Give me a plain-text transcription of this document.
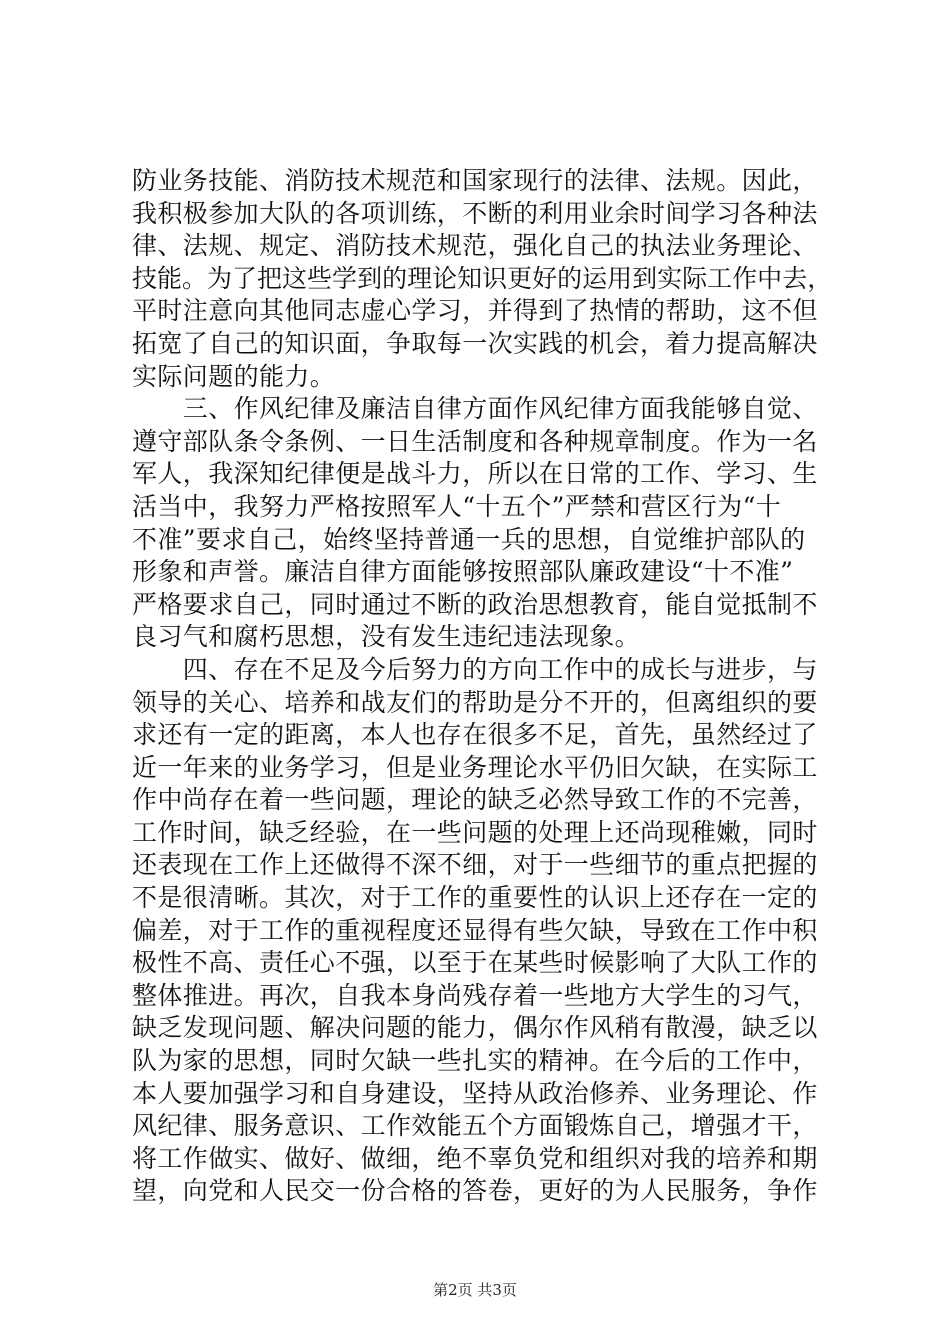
防业务技能、消防技术规范和国家现行的法律、法规。因此，
我积极参加大队的各项训练，不断的利用业余时间学习各种法
律、法规、规定、消防技术规范，强化自己的执法业务理论、
技能。为了把这些学到的理论知识更好的运用到实际工作中去，
平时注意向其他同志虚心学习，并得到了热情的帮助，这不但
拓宽了自己的知识面，争取每一次实践的机会，着力提高解决
实际问题的能力。
　　三、作风纪律及廉洁自律方面作风纪律方面我能够自觉、
遵守部队条令条例、一日生活制度和各种规章制度。作为一名
军人，我深知纪律便是战斗力，所以在日常的工作、学习、生
活当中，我努力严格按照军人“十五个”严禁和营区行为“十
不准”要求自己，始终坚持普通一兵的思想，自觉维护部队的
形象和声誉。廉洁自律方面能够按照部队廉政建设“十不准”
严格要求自己，同时通过不断的政治思想教育，能自觉抵制不
良习气和腐朽思想，没有发生违纪违法现象。
　　四、存在不足及今后努力的方向工作中的成长与进步，与
领导的关心、培养和战友们的帮助是分不开的，但离组织的要
求还有一定的距离，本人也存在很多不足，首先，虽然经过了
近一年来的业务学习，但是业务理论水平仍旧欠缺，在实际工
作中尚存在着一些问题，理论的缺乏必然导致工作的不完善，
工作时间，缺乏经验，在一些问题的处理上还尚现稚嫩，同时
还表现在工作上还做得不深不细，对于一些细节的重点把握的
不是很清晰。其次，对于工作的重要性的认识上还存在一定的
偏差，对于工作的重视程度还显得有些欠缺，导致在工作中积
极性不高、责任心不强，以至于在某些时候影响了大队工作的
整体推进。再次，自我本身尚残存着一些地方大学生的习气，
缺乏发现问题、解决问题的能力，偶尔作风稍有散漫，缺乏以
队为家的思想，同时欠缺一些扎实的精神。在今后的工作中，
本人要加强学习和自身建设，坚持从政治修养、业务理论、作
风纪律、服务意识、工作效能五个方面锻炼自己，增强才干，
将工作做实、做好、做细，绝不辜负党和组织对我的培养和期
望，向党和人民交一份合格的答卷，更好的为人民服务，争作
第2页 共3页
